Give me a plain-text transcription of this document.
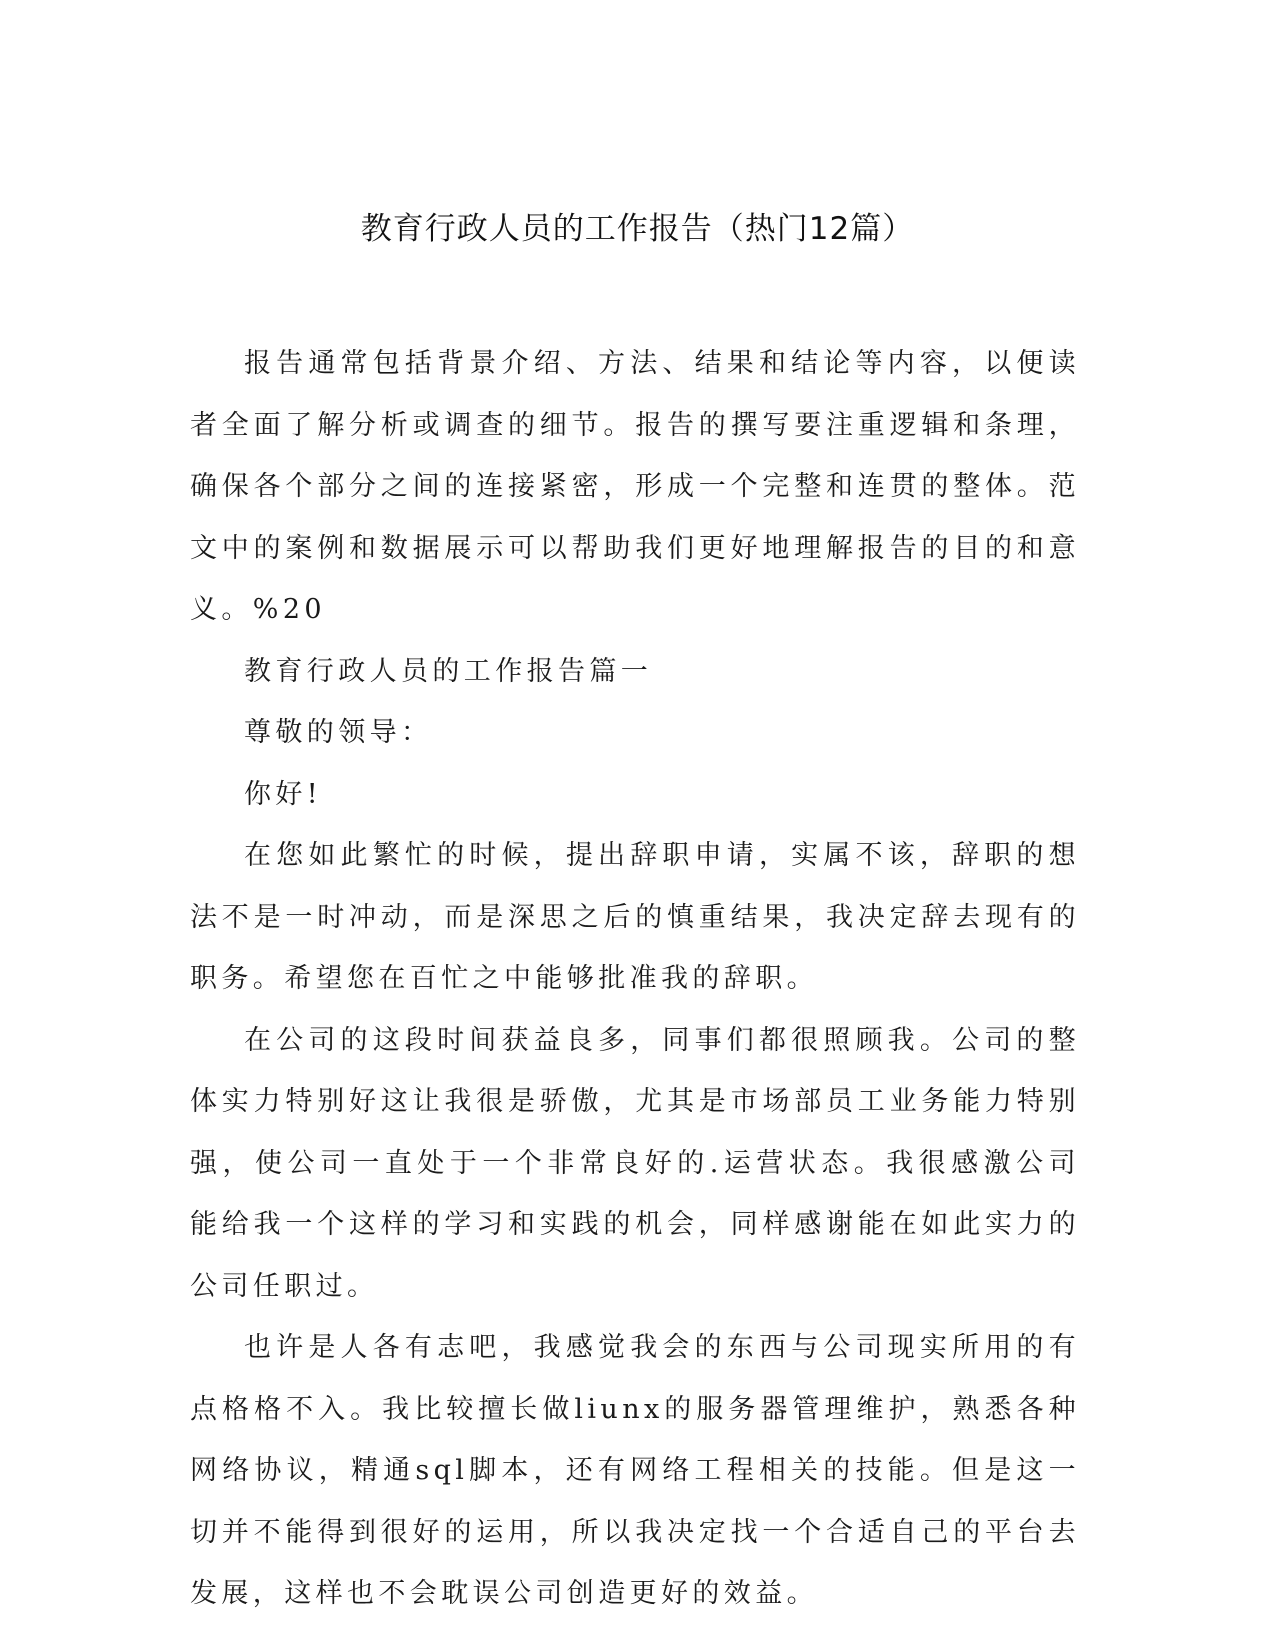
教育行政人员的工作报告（热门12篇）

报告通常包括背景介绍、方法、结果和结论等内容，以便读者全面了解分析或调查的细节。报告的撰写要注重逻辑和条理，确保各个部分之间的连接紧密，形成一个完整和连贯的整体。范文中的案例和数据展示可以帮助我们更好地理解报告的目的和意义。%20

教育行政人员的工作报告篇一

尊敬的领导：

你好!

在您如此繁忙的时候，提出辞职申请，实属不该，辞职的想法不是一时冲动，而是深思之后的慎重结果，我决定辞去现有的职务。希望您在百忙之中能够批准我的辞职。

在公司的这段时间获益良多，同事们都很照顾我。公司的整体实力特别好这让我很是骄傲，尤其是市场部员工业务能力特别强，使公司一直处于一个非常良好的.运营状态。我很感激公司能给我一个这样的学习和实践的机会，同样感谢能在如此实力的公司任职过。

也许是人各有志吧，我感觉我会的东西与公司现实所用的有点格格不入。我比较擅长做liunx的服务器管理维护，熟悉各种网络协议，精通sql脚本，还有网络工程相关的技能。但是这一切并不能得到很好的运用，所以我决定找一个合适自己的平台去发展，这样也不会耽误公司创造更好的效益。
